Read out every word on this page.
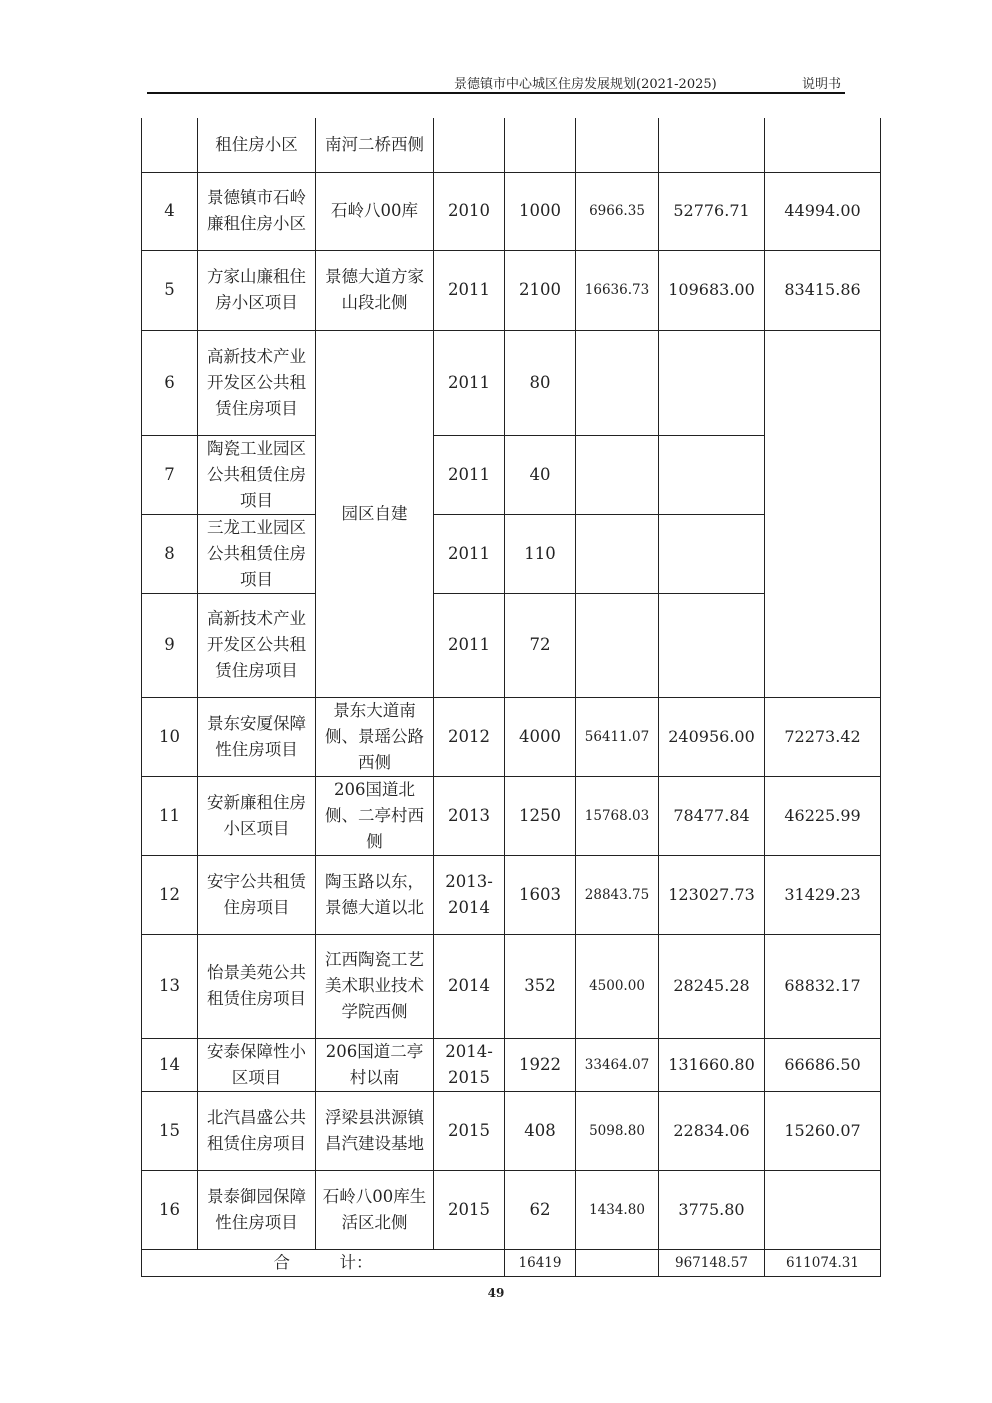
景德镇市中心城区住房发展规划(2021-2025)	说明书
	租住房小区	南河二桥西侧					
4	景德镇市石岭廉租住房小区	石岭八00库	2010	1000	6966.35	52776.71	44994.00
5	方家山廉租住房小区项目	景德大道方家山段北侧	2011	2100	16636.73	109683.00	83415.86
6	高新技术产业开发区公共租赁住房项目	园区自建	2011	80			
7	陶瓷工业园区公共租赁住房项目		2011	40			
8	三龙工业园区公共租赁住房项目		2011	110			
9	高新技术产业开发区公共租赁住房项目		2011	72			
10	景东安厦保障性住房项目	景东大道南侧、景瑶公路西侧	2012	4000	56411.07	240956.00	72273.42
11	安新廉租住房小区项目	206国道北侧、二亭村西侧	2013	1250	15768.03	78477.84	46225.99
12	安宇公共租赁住房项目	陶玉路以东，景德大道以北	2013-2014	1603	28843.75	123027.73	31429.23
13	怡景美苑公共租赁住房项目	江西陶瓷工艺美术职业技术学院西侧	2014	352	4500.00	28245.28	68832.17
14	安泰保障性小区项目	206国道二亭村以南	2014-2015	1922	33464.07	131660.80	66686.50
15	北汽昌盛公共租赁住房项目	浮梁县洪源镇昌汽建设基地	2015	408	5098.80	22834.06	15260.07
16	景泰御园保障性住房项目	石岭八00库生活区北侧	2015	62	1434.80	3775.80	
合　　　计：				16419		967148.57	611074.31
49
